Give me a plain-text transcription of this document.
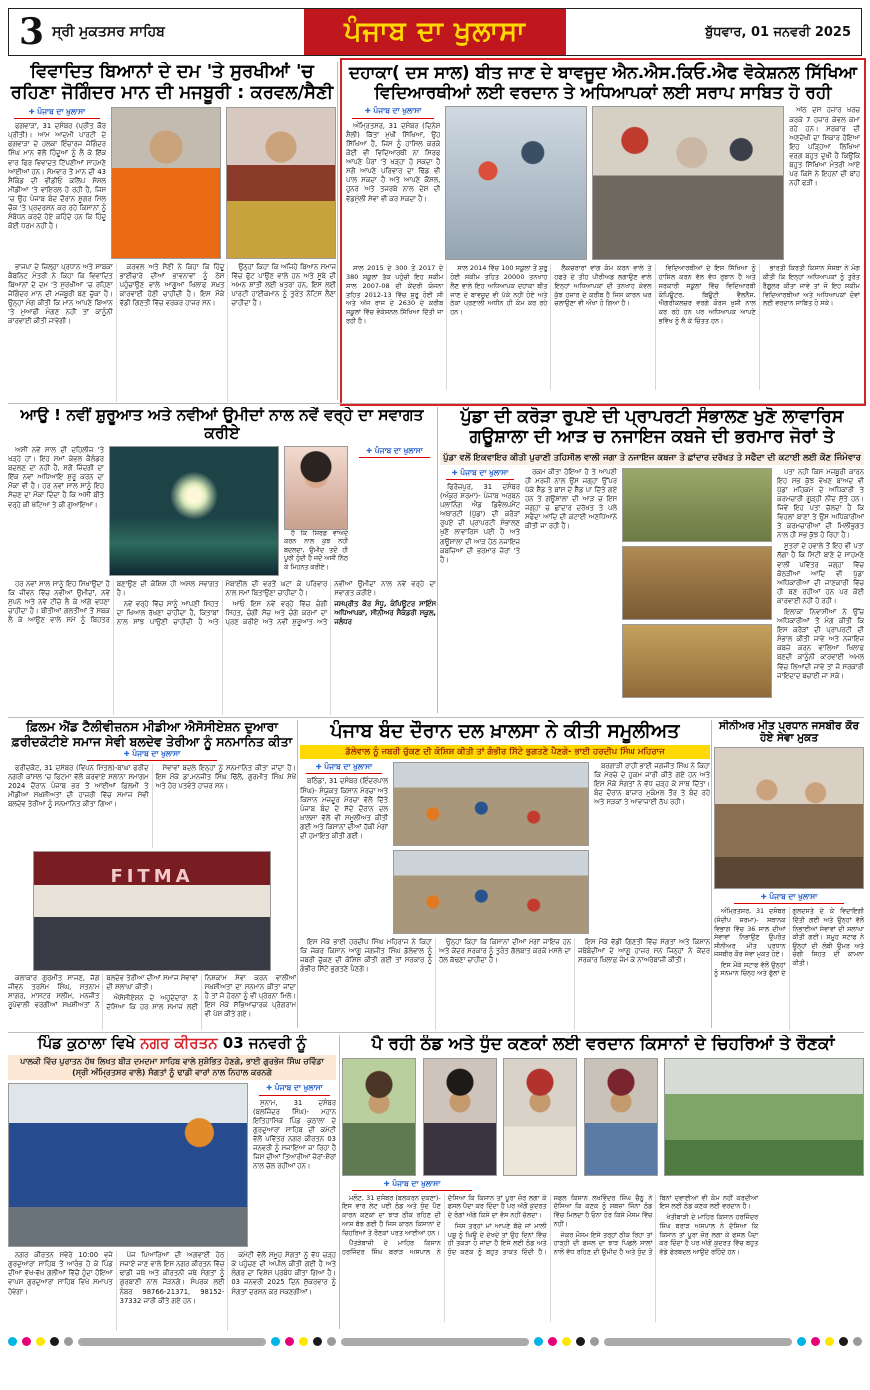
3 ਸ੍ਰੀ ਮੁਕਤਸਰ ਸਾਹਿਬ	ਪੰਜਾਬ ਦਾ ਖੁਲਾਸਾ	ਬੁੱਧਵਾਰ, 01 ਜਨਵਰੀ 2025
ਵਿਵਾਦਿਤ ਬਿਆਨਾਂ ਦੇ ਦਮ 'ਤੇ ਸੁਰਖੀਆਂ 'ਚ ਰਹਿਣਾ ਜੋਗਿੰਦਰ ਮਾਨ ਦੀ ਮਜਬੂਰੀ : ਕਰਵਲ/ਸੈਣੀ
✚ ਪੰਜਾਬ ਦਾ ਖੁਲਾਸਾ

ਫਗਵਾੜਾ, 31 ਦਸੰਬਰ (ਪ੍ਰੀਤ ਕੌਰ ਪ੍ਰੀਤੀ)। ਆਮ ਆਦਮੀ ਪਾਰਟੀ ਦੇ ਫਗਵਾੜਾ ਦੇ ਹਲਕਾ ਇੰਚਾਰਜ ਜੋਗਿੰਦਰ ਸਿੰਘ ਮਾਨ ਵੱਲੋਂ ਹਿੰਦੂਆਂ ਨੂੰ ਲੈ ਕੇ ਇੱਕ ਵਾਰ ਫਿਰ ਵਿਵਾਦਤ ਟਿੱਪਣੀਆਂ ਸਾਹਮਣੇ ਆਈਆਂ ਹਨ। ਸੋਮਵਾਰ ਤੋਂ ਮਾਨ ਦੀ 43 ਸੈਕਿੰਡ ਦੀ ਵੀਡੀਓ ਕਲਿੱਪ ਸੋਸ਼ਲ ਮੀਡੀਆ 'ਤੇ ਵਾਇਰਲ ਹੋ ਰਹੀ ਹੈ, ਜਿਸ 'ਚ ਉਹ ਪੰਜਾਬ ਬੰਦ ਦੌਰਾਨ ਸ਼ੂਗਰ ਮਿੱਲ ਚੌਕ 'ਤੇ ਪ੍ਰਦਰਸ਼ਨ ਕਰ ਰਹੇ ਕਿਸਾਨਾਂ ਨੂੰ ਸੰਬੋਧਨ ਕਰਦੇ ਹੋਏ ਕਹਿੰਦੇ ਹਨ ਕਿ ਹਿੰਦੂ ਕੋਈ ਧਰਮ ਨਹੀਂ ਹੈ।

ਭਾਜਪਾ ਦੇ ਜ਼ਿਲ੍ਹਾ ਪ੍ਰਧਾਨ ਅਤੇ ਸਾਬਕਾ ਕੈਬਨਿਟ ਮੰਤਰੀ ਨੇ ਕਿਹਾ ਕਿ ਵਿਵਾਦਿਤ ਬਿਆਨਾਂ ਦੇ ਦਮ 'ਤੇ ਸੁਰਖੀਆਂ 'ਚ ਰਹਿਣਾ ਜੋਗਿੰਦਰ ਮਾਨ ਦੀ ਮਜਬੂਰੀ ਬਣ ਚੁੱਕਾ ਹੈ। ਉਨ੍ਹਾਂ ਮੰਗ ਕੀਤੀ ਕਿ ਮਾਨ ਆਪਣੇ ਬਿਆਨ 'ਤੇ ਮੁਆਫੀ ਮੰਗਣ ਨਹੀਂ ਤਾਂ ਕਾਨੂੰਨੀ ਕਾਰਵਾਈ ਕੀਤੀ ਜਾਵੇਗੀ।

ਕਰਵਲ ਅਤੇ ਸੈਣੀ ਨੇ ਕਿਹਾ ਕਿ ਹਿੰਦੂ ਭਾਈਚਾਰੇ ਦੀਆਂ ਭਾਵਨਾਵਾਂ ਨੂੰ ਠੇਸ ਪਹੁੰਚਾਉਣ ਵਾਲੇ ਆਗੂਆਂ ਖਿਲਾਫ ਸਖ਼ਤ ਕਾਰਵਾਈ ਹੋਣੀ ਚਾਹੀਦੀ ਹੈ। ਇਸ ਮੌਕੇ ਵੱਡੀ ਗਿਣਤੀ ਵਿੱਚ ਵਰਕਰ ਹਾਜ਼ਰ ਸਨ।

ਉਨ੍ਹਾਂ ਕਿਹਾ ਕਿ ਅਜਿਹੇ ਬਿਆਨ ਸਮਾਜ ਵਿੱਚ ਫੁੱਟ ਪਾਉਣ ਵਾਲੇ ਹਨ ਅਤੇ ਸੂਬੇ ਦੀ ਅਮਨ ਸ਼ਾਂਤੀ ਲਈ ਖਤਰਾ ਹਨ, ਇਸ ਲਈ ਪਾਰਟੀ ਹਾਈਕਮਾਨ ਨੂੰ ਤੁਰੰਤ ਨੋਟਿਸ ਲੈਣਾ ਚਾਹੀਦਾ ਹੈ।

ਦਹਾਕਾ( ਦਸ ਸਾਲ) ਬੀਤ ਜਾਣ ਦੇ ਬਾਵਜੂਦ ਐਨ.ਐਸ.ਕਿਓ.ਐਫ ਵੋਕੇਸ਼ਨਲ ਸਿੱਖਿਆ ਵਿਦਿਆਰਥੀਆਂ ਲਈ ਵਰਦਾਨ ਤੇ ਅਧਿਆਪਕਾਂ ਲਈ ਸਰਾਪ ਸਾਬਿਤ ਹੋ ਰਹੀ
✚ ਪੰਜਾਬ ਦਾ ਖੁਲਾਸਾ

ਅੰਮ੍ਰਿਤਸਰ, 31 ਦਸੰਬਰ (ਦਿਨੇਸ਼ ਸ਼ੈਲੀ) ਕਿੱਤਾ ਮੁਖੀ ਸਿੱਖਿਆ, ਉਹ ਸਿੱਖਿਆ ਹੈ, ਜਿਸ ਨੂੰ ਹਾਸਿਲ ਕਰਕੇ ਕੋਈ ਵੀ ਵਿਦਿਆਰਥੀ ਨਾ ਸਿਰਫ ਆਪਣੇ ਪੈਰਾਂ 'ਤੇ ਖੜ੍ਹਾ ਹੋ ਸਕਦਾ ਹੈ ਸਗੋਂ ਆਪਣੇ ਪਰਿਵਾਰ ਦਾ ਢਿੱਡ ਵੀ ਪਾਲ ਸਕਦਾ ਹੈ ਅਤੇ ਆਪਣੇ ਕੌਸ਼ਲ, ਹੁਨਰ ਅਤੇ ਤਜਰਬੇ ਨਾਲ ਦੇਸ਼ ਦੀ ਵੱਡਮੁੱਲੀ ਸੇਵਾ ਵੀ ਕਰ ਸਕਦਾ ਹੈ।

ਅੱਠ ਦਸ ਹਜ਼ਾਰ ਖਰਚ ਕਰਕੇ 7 ਹਜ਼ਾਰ ਕੇਵਲ ਕਮਾ ਰਹੇ ਹਨ। ਸਰਕਾਰ ਦੀ ਅਣਦੇਖੀ ਦਾ ਸ਼ਿਕਾਰ ਹੋਇਆ ਇਹ ਪੜ੍ਹਿਆ ਲਿਖਿਆ ਵਰਗ ਬਹੁਤ ਦੁਖੀ ਹੈ ਕਿਉਂਕਿ ਬਹੁਤ ਸਿੱਖਿਆ ਮੰਤਰੀ ਆਏ ਪਰ ਕਿਸੇ ਨੇ ਇਹਨਾਂ ਦੀ ਬਾਂਹ ਨਹੀਂ ਫੜੀ।

ਸਾਲ 2015 ਦੇ 300 ਤੋਂ 2017 ਦੇ 380 ਸਕੂਲਾਂ ਤੱਕ ਪਹੁੰਚੀ ਇਹ ਸਕੀਮ ਸਾਲ 2007-08 ਦੀ ਕੇਂਦਰੀ ਯੋਜਨਾ ਤਹਿਤ 2012-13 ਵਿੱਚ ਸ਼ੁਰੂ ਹੋਈ ਸੀ ਅਤੇ ਅੱਜ ਰਾਜ ਦੇ 2630 ਦੇ ਕਰੀਬ ਸਕੂਲਾਂ ਵਿੱਚ ਵੋਕੇਸ਼ਨਲ ਸਿੱਖਿਆ ਦਿੱਤੀ ਜਾ ਰਹੀ ਹੈ।

ਸਾਲ 2014 ਵਿੱਚ 100 ਸਕੂਲਾਂ ਤੋਂ ਸ਼ੁਰੂ ਹੋਈ ਸਕੀਮ ਤਹਿਤ 20000 ਤਨਖਾਹ ਲੈਣ ਵਾਲੇ ਇਹ ਅਧਿਆਪਕ ਦਹਾਕਾ ਬੀਤ ਜਾਣ ਦੇ ਬਾਵਜੂਦ ਵੀ ਪੱਕੇ ਨਹੀਂ ਹੋਏ ਅਤੇ ਠੇਕਾ ਪ੍ਰਣਾਲੀ ਅਧੀਨ ਹੀ ਕੰਮ ਕਰ ਰਹੇ ਹਨ।

ਲੈਕਚਰਾਰਾਂ ਵਾਂਗ ਕੰਮ ਕਰਨ ਵਾਲੇ ਤੇ ਹਫਤੇ ਦੇ ਤੀਹ ਪੀਰੀਅਡ ਲਗਾਉਣ ਵਾਲੇ ਇਨ੍ਹਾਂ ਅਧਿਆਪਕਾਂ ਦੀ ਤਨਖਾਹ ਕੇਵਲ ਕੁੱਝ ਹਜ਼ਾਰ ਦੇ ਕਰੀਬ ਹੈ ਜਿਸ ਕਾਰਨ ਘਰ ਚਲਾਉਣਾ ਵੀ ਔਖਾ ਹੋ ਗਿਆ ਹੈ।

ਵਿਦਿਆਰਥੀਆਂ ਦੇ ਇਸ ਸਿੱਖਿਆ ਨੂੰ ਹਾਸਿਲ ਕਰਨ ਵੱਲ ਵੱਧ ਰੁਝਾਨ ਹੈ ਅਤੇ ਸਰਕਾਰੀ ਸਕੂਲਾਂ ਵਿੱਚ ਵਿਦਿਆਰਥੀ ਕੰਪਿਊਟਰ, ਬਿਊਟੀ ਵੈਲਨੈਸ, ਐਗਰੀਕਲਚਰ ਵਰਗੇ ਕੋਰਸ ਖੁਸ਼ੀ ਨਾਲ ਕਰ ਰਹੇ ਹਨ ਪਰ ਅਧਿਆਪਕ ਆਪਣੇ ਭਵਿੱਖ ਨੂੰ ਲੈ ਕੇ ਚਿੰਤਤ ਹਨ।

ਭਾਰਤੀ ਕਿਰਤੀ ਕਿਸਾਨ ਸੰਸਥਾ ਨੇ ਮੰਗ ਕੀਤੀ ਕਿ ਇਨ੍ਹਾਂ ਅਧਿਆਪਕਾਂ ਨੂੰ ਤੁਰੰਤ ਰੈਗੂਲਰ ਕੀਤਾ ਜਾਵੇ ਤਾਂ ਜੋ ਇਹ ਸਕੀਮ ਵਿਦਿਆਰਥੀਆਂ ਅਤੇ ਅਧਿਆਪਕਾਂ ਦੋਵਾਂ ਲਈ ਵਰਦਾਨ ਸਾਬਿਤ ਹੋ ਸਕੇ।

ਆਉ ! ਨਵੀਂ ਸ਼ੁਰੂਆਤ ਅਤੇ ਨਵੀਆਂ ਉਮੀਦਾਂ ਨਾਲ ਨਵੇਂ ਵਰ੍ਹੇ ਦਾ ਸਵਾਗਤ ਕਰੀਏ

ਅਸੀਂ ਨਵੇਂ ਸਾਲ ਦੀ ਦਹਿਲੀਜ਼ 'ਤੇ ਖੜ੍ਹੇ ਹਾਂ। ਇਹ ਸਮਾਂ ਕੇਵਲ ਕੈਲੰਡਰ ਬਦਲਣ ਦਾ ਨਹੀਂ ਹੈ, ਸਗੋਂ ਜ਼ਿੰਦਗੀ ਦਾ ਇੱਕ ਨਵਾਂ ਅਧਿਆਇ ਸ਼ੁਰੂ ਕਰਨ ਦਾ ਮੌਕਾ ਵੀ ਹੈ। ਹਰ ਨਵਾਂ ਸਾਲ ਸਾਨੂੰ ਇਹ ਸੋਚਣ ਦਾ ਮੌਕਾ ਦਿੰਦਾ ਹੈ ਕਿ ਅਸੀਂ ਬੀਤੇ ਵਰ੍ਹੇ ਕੀ ਖੱਟਿਆ ਤੇ ਕੀ ਗੁਆਇਆ।

ਹੈ ਕਿ ਸਿਰਫ਼ ਵਾਅਦੇ ਕਰਨ ਨਾਲ ਕੁਝ ਨਹੀਂ ਬਦਲਦਾ, ਉਮੀਦ ਤਦੋਂ ਹੀ ਪੂਰੀ ਹੁੰਦੀ ਹੈ ਜਦੋਂ ਅਸੀਂ ਨਿੱਠ ਕੇ ਮਿਹਨਤ ਕਰੀਏ।

✚ ਪੰਜਾਬ ਦਾ ਖੁਲਾਸਾ

ਹਰ ਨਵਾਂ ਸਾਲ ਸਾਨੂੰ ਇਹ ਸਿਖਾਉਂਦਾ ਹੈ ਕਿ ਜੀਵਨ ਵਿੱਚ ਨਵੀਆਂ ਉਮੀਦਾਂ, ਨਵੇਂ ਸੁਪਨੇ ਅਤੇ ਨਵੇਂ ਟੀਚੇ ਲੈ ਕੇ ਅੱਗੇ ਵਧਣਾ ਚਾਹੀਦਾ ਹੈ। ਬੀਤੀਆਂ ਗਲਤੀਆਂ ਤੋਂ ਸਬਕ ਲੈ ਕੇ ਆਉਣ ਵਾਲੇ ਸਮੇਂ ਨੂੰ ਬਿਹਤਰ ਬਣਾਉਣ ਦੀ ਕੋਸ਼ਿਸ਼ ਹੀ ਅਸਲ ਸਵਾਗਤ ਹੈ।

ਨਵੇਂ ਵਰ੍ਹੇ ਵਿੱਚ ਸਾਨੂੰ ਆਪਣੀ ਸਿਹਤ ਦਾ ਖਿਆਲ ਰੱਖਣਾ ਚਾਹੀਦਾ ਹੈ, ਕਿਤਾਬਾਂ ਨਾਲ ਸਾਂਝ ਪਾਉਣੀ ਚਾਹੀਦੀ ਹੈ ਅਤੇ ਮੋਬਾਈਲ ਦੀ ਵਰਤੋਂ ਘਟਾ ਕੇ ਪਰਿਵਾਰ ਨਾਲ ਸਮਾਂ ਬਿਤਾਉਣਾ ਚਾਹੀਦਾ ਹੈ।

ਆਓ ਇਸ ਨਵੇਂ ਵਰ੍ਹੇ ਵਿੱਚ ਚੰਗੀ ਸਿਹਤ, ਚੰਗੀ ਸੋਚ ਅਤੇ ਚੰਗੇ ਕਰਮਾਂ ਦਾ ਪ੍ਰਣ ਕਰੀਏ ਅਤੇ ਨਵੀਂ ਸ਼ੁਰੂਆਤ ਅਤੇ ਨਵੀਆਂ ਉਮੀਦਾਂ ਨਾਲ ਨਵੇਂ ਵਰ੍ਹੇ ਦਾ ਸਵਾਗਤ ਕਰੀਏ।

ਜਸਪ੍ਰੀਤ ਕੌਰ ਸੰਧੂ, ਕੰਪਿਊਟਰ ਸਾਇੰਸ ਅਧਿਆਪਕਾ, ਸੀਨੀਅਰ ਸੈਕੰਡਰੀ ਸਕੂਲ, ਜਲੰਧਰ

ਪੁੱਡਾ ਦੀ ਕਰੋੜਾ ਰੁਪਏ ਦੀ ਪ੍ਰਾਪਰਟੀ ਸੰਭਾਲਣ ਖੁਣੋ ਲਾਵਾਰਿਸ ਗਊਸ਼ਾਲਾ ਦੀ ਆੜ ਚ ਨਜਾਇਜ ਕਬਜੇ ਦੀ ਭਰਮਾਰ ਜੋਰਾਂ ਤੇ
ਪੁੱਡਾ ਵਲੋਂ ਇਕਵਾਇਰ ਕੀਤੀ ਪੁਰਾਣੀ ਤਹਿਸੀਲ ਵਾਲੀ ਜਗਾ ਤੇ ਨਜਾਇਜ ਕਬਜਾ ਤੇ ਛਾਂਦਾਰ ਦਰੱਖਤ ਤੇ ਸਫੈਦਾ ਦੀ ਕਟਾਈ ਲਈ ਕੌਣ ਜਿੰਮੇਵਾਰ
✚ ਪੰਜਾਬ ਦਾ ਖੁਲਾਸਾ

ਫਿਰੋਜ਼ਪੁਰ, 31 ਦਸੰਬਰ (ਅੰਕੁਰ ਸ਼ਰਮਾ)- ਪੰਜਾਬ ਅਰਬਨ ਪਲਾਨਿੰਗ ਐਂਡ ਡਿਵੈਲਪਮੈਂਟ ਅਥਾਰਟੀ (ਪੁੱਡਾ) ਦੀ ਕਰੋੜਾਂ ਰੁਪਏ ਦੀ ਪ੍ਰਾਪਰਟੀ ਸੰਭਾਲਣ ਖੁਣੋਂ ਲਾਵਾਰਿਸ ਪਈ ਹੈ ਅਤੇ ਗਊਸ਼ਾਲਾ ਦੀ ਆੜ ਹੇਠ ਨਜਾਇਜ਼ ਕਬਜ਼ਿਆਂ ਦੀ ਭਰਮਾਰ ਜ਼ੋਰਾਂ 'ਤੇ ਹੈ।

ਰਕਮ ਕੀਤਾ ਹੋਇਆ ਹੈ ਤੇ ਆਪਣੀ ਹੀ ਮਰਜ਼ੀ ਨਾਲ ਉਸ ਜਗ੍ਹਾ ਉੱਪਰ ਪੱਕੇ ਸ਼ੈੱਡ ਤੇ ਬਾਂਸ ਦੇ ਸ਼ੈੱਡ ਪਾ ਦਿੱਤੇ ਗਏ ਹਨ ਤੇ ਗਊਸ਼ਾਲਾ ਦੀ ਆੜ ਚ ਇਸ ਜਗ੍ਹਾ ਚ ਛਾਂਦਾਰ ਦਰੱਖਤ ਤੇ ਪਲੇ ਸਫੈਦਾ ਆਦਿ ਦੀ ਕਟਾਈ ਅਣਧਿਆਨੇ ਕੀਤੀ ਜਾ ਰਹੀ ਹੈ।

ਪਤਾ ਨਹੀਂ ਕਿਸ ਮਜ਼ਬੂਰੀ ਕਾਰਨ ਇਹ ਸਭ ਕੁੱਝ ਵੇਖਣ ਬਾਅਦ ਵੀ ਪੁੱਡਾ ਮਹਿਕਮੇ ਦੇ ਅਧਿਕਾਰੀ ਤੇ ਕਰਮਚਾਰੀ ਗੂੜ੍ਹੀ ਨੀਂਦ ਸੁੱਤੇ ਹਨ। ਜਿਵੇਂ ਇਹ ਪਤਾ ਚੱਲਦਾ ਹੈ ਕਿ ਵਿਹਲਾਂ ਬਾਣਾਂ ਤੇ ਉਸ ਅਧਿਕਾਰੀਆਂ ਤੇ ਕਰਮਚਾਰੀਆਂ ਦੀ ਮਿਲੀਭੁਗਤ ਨਾਲ ਹੀ ਸਭ ਕੁੱਝ ਹੋ ਰਿਹਾ ਹੈ।

ਸੂਤਰਾਂ ਦੇ ਹਵਾਲੇ ਤੋਂ ਇਹ ਵੀ ਪਤਾ ਲੱਗਾ ਹੈ ਕਿ ਸਿਟੀ ਬਾਣੇ ਦੇ ਸਾਹਮਣੇ ਵਾਲੀ ਪਵਿੱਤਰ ਜਗ੍ਹਾ ਵਿੱਚ ਕੋਠੜੀਆਂ ਆਦਿ ਵੀ ਪੁੱਡਾ ਅਧਿਕਾਰੀਆਂ ਦੀ ਜਾਣਕਾਰੀ ਵਿੱਚ ਹੀ ਬਣ ਰਹੀਆਂ ਹਨ ਪਰ ਕੋਈ ਕਾਰਵਾਈ ਨਹੀਂ ਹੋ ਰਹੀ।

ਇਲਾਕਾ ਨਿਵਾਸੀਆਂ ਨੇ ਉੱਚ ਅਧਿਕਾਰੀਆਂ ਤੋਂ ਮੰਗ ਕੀਤੀ ਕਿ ਇਸ ਕਰੋੜਾਂ ਦੀ ਪ੍ਰਾਪਰਟੀ ਦੀ ਸੰਭਾਲ ਕੀਤੀ ਜਾਵੇ ਅਤੇ ਨਜਾਇਜ਼ ਕਬਜ਼ੇ ਕਰਨ ਵਾਲਿਆਂ ਖਿਲਾਫ ਬਣਦੀ ਕਾਨੂੰਨੀ ਕਾਰਵਾਈ ਅਮਲ ਵਿੱਚ ਲਿਆਂਦੀ ਜਾਵੇ ਤਾਂ ਜੋ ਸਰਕਾਰੀ ਜਾਇਦਾਦ ਬਚਾਈ ਜਾ ਸਕੇ।

ਫ਼ਿਲਮ ਐਂਡ ਟੈਲੀਵੀਜ਼ਨਸ ਮੀਡੀਆ ਐਸੋਸੀਏਸ਼ਨ ਦੁਆਰਾ ਫ਼ਰੀਦਕੋਟੀਏ ਸਮਾਜ ਸੇਵੀ ਬਲਦੇਵ ਤੇਰੀਆ ਨੂੰ ਸਨਮਾਨਿਤ ਕੀਤਾ
✚ ਪੰਜਾਬ ਦਾ ਖੁਲਾਸਾ

ਫਰੀਦਕੋਟ, 31 ਦਸੰਬਰ (ਵਿਪਨ ਮਿੱਤਲ)-ਬਾਘਾ ਫਰੀਦ ਨਗਰੀ ਕਾਂਸਲ 'ਚ ਫਿਟਮਾ ਵੱਲੋਂ ਕਰਵਾਏ ਸਲਾਨਾ ਸਮਾਗਮ 2024 ਦੌਰਾਨ ਪੰਜਾਬ ਭਰ ਤੋਂ ਆਈਆਂ ਫ਼ਿਲਮੀ ਤੇ ਮੀਡੀਆ ਸਖ਼ਸ਼ੀਅਤਾਂ ਦੀ ਹਾਜ਼ਰੀ ਵਿੱਚ ਸਮਾਜ ਸੇਵੀ ਬਲਦੇਵ ਤੇਰੀਆ ਨੂੰ ਸਨਮਾਨਿਤ ਕੀਤਾ ਗਿਆ।

ਸੇਵਾਵਾਂ ਬਦਲੇ ਇਨ੍ਹਾਂ ਨੂੰ ਸਨਮਾਨਿਤ ਕੀਤਾ ਜਾਂਦਾ ਹੈ। ਇਸ ਮੌਕੇ ਡਾ.ਮਨਜੀਤ ਸਿੰਘ ਢਿੱਲੋਂ, ਗੁਰਮੀਤ ਸਿੰਘ ਸੇਖੋਂ ਅਤੇ ਹੋਰ ਪਤਵੰਤੇ ਹਾਜ਼ਰ ਸਨ।

FITMA

ਕਲਾਕਾਰ ਗੁਰਮੀਤ ਸਾਜਣ, ਜੱਗ ਜੀਵਨ ਤਰਸੇਮ ਸਿੰਘ, ਸਤਨਾਮ ਸਾਗਰ, ਮਾਸਟਰ ਸਲੀਮ, ਮਨਜੀਤ ਰੂਪੋਵਾਲੀ ਵਰਗੀਆਂ ਸਖ਼ਸ਼ੀਅਤਾਂ ਨੇ ਬਲਦੇਵ ਤੇਰੀਆ ਦੀਆਂ ਸਮਾਜ ਸੇਵਾਵਾਂ ਦੀ ਸ਼ਲਾਘਾ ਕੀਤੀ।

ਐਸੋਸੀਏਸ਼ਨ ਦੇ ਅਹੁਦੇਦਾਰਾਂ ਨੇ ਦੱਸਿਆ ਕਿ ਹਰ ਸਾਲ ਸਮਾਜ ਲਈ ਨਿਸ਼ਕਾਮ ਸੇਵਾ ਕਰਨ ਵਾਲੀਆਂ ਸਖ਼ਸ਼ੀਅਤਾਂ ਦਾ ਸਨਮਾਨ ਕੀਤਾ ਜਾਂਦਾ ਹੈ ਤਾਂ ਜੋ ਹੋਰਨਾਂ ਨੂੰ ਵੀ ਪ੍ਰੇਰਨਾ ਮਿਲੇ। ਇਸ ਮੌਕੇ ਸੱਭਿਆਚਾਰਕ ਪ੍ਰੋਗਰਾਮ ਵੀ ਪੇਸ਼ ਕੀਤੇ ਗਏ।

ਪੰਜਾਬ ਬੰਦ ਦੌਰਾਨ ਦਲ ਖ਼ਾਲਸਾ ਨੇ ਕੀਤੀ ਸਮੂਲੀਅਤ
ਡੱਲੇਵਾਲ ਨੂੰ ਜਬਰੀ ਚੁੱਕਣ ਦੀ ਕੋਸ਼ਿਸ਼ ਕੀਤੀ ਤਾਂ ਗੰਭੀਰ ਸਿੱਟੇ ਭੁਗਤਣੇ ਪੈਣਗੇ- ਭਾਈ ਹਰਦੀਪ ਸਿੰਘ ਮਹਿਰਾਜ
✚ ਪੰਜਾਬ ਦਾ ਖੁਲਾਸਾ

ਬਠਿੰਡਾ, 31 ਦਸੰਬਰ (ਇੰਦਰਪਾਲ ਸਿੰਘ)- ਸੰਯੁਕਤ ਕਿਸਾਨ ਮੋਰਚਾ ਅਤੇ ਕਿਸਾਨ ਮਜ਼ਦੂਰ ਮੋਰਚਾ ਵੱਲੋਂ ਦਿੱਤੇ ਪੰਜਾਬ ਬੰਦ ਦੇ ਸੱਦੇ ਦੌਰਾਨ ਦਲ ਖ਼ਾਲਸਾ ਵੱਲੋਂ ਵੀ ਸਮੂਲੀਅਤ ਕੀਤੀ ਗਈ ਅਤੇ ਕਿਸਾਨਾਂ ਦੀਆਂ ਹੱਕੀ ਮੰਗਾਂ ਦੀ ਹਮਾਇਤ ਕੀਤੀ ਗਈ।

ਬਰਗਾੜੀ ਰਾਹੀਂ ਭਾਈ ਜਗਜੀਤ ਸਿੰਘ ਨੇ ਕਿਹਾ ਕਿ ਮੋਰਚੇ ਦੇ ਹੁਕਮ ਜਾਰੀ ਕੀਤੇ ਗਏ ਹਨ ਅਤੇ ਇਸ ਮੌਕੇ ਸੰਗਤਾਂ ਨੇ ਵੱਧ ਚੜ੍ਹ ਕੇ ਸਾਥ ਦਿੱਤਾ। ਬੰਦ ਦੌਰਾਨ ਬਾਜ਼ਾਰ ਮੁਕੰਮਲ ਤੌਰ ਤੇ ਬੰਦ ਰਹੇ ਅਤੇ ਸੜਕਾਂ ਤੇ ਆਵਾਜਾਈ ਠੱਪ ਰਹੀ।

ਇਸ ਮੌਕੇ ਭਾਈ ਹਰਦੀਪ ਸਿੰਘ ਮਹਿਰਾਜ ਨੇ ਕਿਹਾ ਕਿ ਜੇਕਰ ਕਿਸਾਨ ਆਗੂ ਜਗਜੀਤ ਸਿੰਘ ਡੱਲੇਵਾਲ ਨੂੰ ਜਬਰੀ ਚੁੱਕਣ ਦੀ ਕੋਸ਼ਿਸ਼ ਕੀਤੀ ਗਈ ਤਾਂ ਸਰਕਾਰ ਨੂੰ ਗੰਭੀਰ ਸਿੱਟੇ ਭੁਗਤਣੇ ਪੈਣਗੇ।

ਉਨ੍ਹਾਂ ਕਿਹਾ ਕਿ ਕਿਸਾਨਾਂ ਦੀਆਂ ਮੰਗਾਂ ਜਾਇਜ਼ ਹਨ ਅਤੇ ਕੇਂਦਰ ਸਰਕਾਰ ਨੂੰ ਤੁਰੰਤ ਗੱਲਬਾਤ ਕਰਕੇ ਮਸਲੇ ਦਾ ਹੱਲ ਕੱਢਣਾ ਚਾਹੀਦਾ ਹੈ।

ਇਸ ਮੌਕੇ ਵੱਡੀ ਗਿਣਤੀ ਵਿੱਚ ਸੰਗਤਾਂ ਅਤੇ ਕਿਸਾਨ ਜਥੇਬੰਦੀਆਂ ਦੇ ਆਗੂ ਹਾਜ਼ਰ ਸਨ ਜਿਨ੍ਹਾਂ ਨੇ ਕੇਂਦਰ ਸਰਕਾਰ ਖ਼ਿਲਾਫ਼ ਜੰਮ ਕੇ ਨਾਅਰੇਬਾਜ਼ੀ ਕੀਤੀ।

ਸੀਨੀਅਰ ਮੀਤ ਪ੍ਰਧਾਨ ਜਸਬੀਰ ਕੌਰ ਹੋਏ ਸੇਵਾ ਮੁਕਤ
✚ ਪੰਜਾਬ ਦਾ ਖੁਲਾਸਾ

ਅੰਮ੍ਰਿਤਸਰ, 31 ਦਸੰਬਰ (ਸੰਦੀਪ ਸ਼ਰਮਾ)- ਸਥਾਨਕ ਵਿਭਾਗ ਵਿੱਚ 36 ਸਾਲ ਦੀਆਂ ਸੇਵਾਵਾਂ ਨਿਭਾਉਣ ਉਪਰੰਤ ਸੀਨੀਅਰ ਮੀਤ ਪ੍ਰਧਾਨ ਜਸਬੀਰ ਕੌਰ ਸੇਵਾ ਮੁਕਤ ਹੋਏ।

ਇਸ ਮੌਕੇ ਸਟਾਫ ਵੱਲੋਂ ਉਨ੍ਹਾਂ ਨੂੰ ਸਨਮਾਨ ਚਿੰਨ੍ਹ ਅਤੇ ਫੁੱਲਾਂ ਦੇ ਗੁਲਦਸਤੇ ਦੇ ਕੇ ਵਿਦਾਇਗੀ ਦਿੱਤੀ ਗਈ ਅਤੇ ਉਨ੍ਹਾਂ ਵੱਲੋਂ ਨਿਭਾਈਆਂ ਸੇਵਾਵਾਂ ਦੀ ਸ਼ਲਾਘਾ ਕੀਤੀ ਗਈ। ਸਮੂਹ ਸਟਾਫ ਨੇ ਉਨ੍ਹਾਂ ਦੀ ਲੰਬੀ ਉਮਰ ਅਤੇ ਚੰਗੀ ਸਿਹਤ ਦੀ ਕਾਮਨਾ ਕੀਤੀ।

ਪਿੰਡ ਕੁਠਾਲਾ ਵਿਖੇ ਨਗਰ ਕੀਰਤਨ 03 ਜਨਵਰੀ ਨੂੰ
ਪਾਲਕੀ ਵਿੱਚ ਪੁਰਾਤਨ ਹੱਥ ਲਿਖਤ ਬੀੜ ਦਮਦਮਾ ਸਾਹਿਬ ਵਾਲੇ ਸੁਸ਼ੋਭਿਤ ਹੋਣਗੇ, ਭਾਈ ਗੁਰਭੇਜ ਸਿੰਘ ਚਵਿੰਡਾ (ਸ੍ਰੀ ਅੰਮ੍ਰਿਤਸਰ ਵਾਲੇ) ਸੰਗਤਾਂ ਨੂੰ ਢਾਡੀ ਵਾਰਾਂ ਨਾਲ ਨਿਹਾਲ ਕਰਨਗੇ
✚ ਪੰਜਾਬ ਦਾ ਖੁਲਾਸਾ

ਸੁਨਾਮ, 31 ਦਸੰਬਰ (ਬਲਜਿੰਦਰ ਸਿੰਘ)- ਮਹਾਨ ਇਤਿਹਾਸਿਕ ਪਿੰਡ ਕੁਠਾਲਾ ਦੇ ਗੁਰਦੁਆਰਾ ਸਾਹਿਬ ਦੀ ਕਮੇਟੀ ਵੱਲੋਂ ਪਵਿੱਤਰ ਨਗਰ ਕੀਰਤਨ 03 ਜਨਵਰੀ ਨੂੰ ਸਜਾਇਆ ਜਾ ਰਿਹਾ ਹੈ ਜਿਸ ਦੀਆਂ ਤਿਆਰੀਆਂ ਜ਼ੋਰਾਂ-ਸ਼ੋਰਾਂ ਨਾਲ ਚੱਲ ਰਹੀਆਂ ਹਨ।

ਨਗਰ ਕੀਰਤਨ ਸਵੇਰੇ 10:00 ਵਜੇ ਗੁਰਦੁਆਰਾ ਸਾਹਿਬ ਤੋਂ ਆਰੰਭ ਹੋ ਕੇ ਪਿੰਡ ਦੀਆਂ ਵੱਖ-ਵੱਖ ਗਲੀਆਂ ਵਿੱਚੋਂ ਹੁੰਦਾ ਹੋਇਆ ਵਾਪਸ ਗੁਰਦੁਆਰਾ ਸਾਹਿਬ ਵਿਖੇ ਸਮਾਪਤ ਹੋਵੇਗਾ।

ਪੰਜ ਪਿਆਰਿਆਂ ਦੀ ਅਗਵਾਈ ਹੇਠ ਸਜਾਏ ਜਾਣ ਵਾਲੇ ਇਸ ਨਗਰ ਕੀਰਤਨ ਵਿੱਚ ਢਾਡੀ ਜਥੇ ਅਤੇ ਕੀਰਤਨੀ ਜਥੇ ਸੰਗਤਾਂ ਨੂੰ ਗੁਰਬਾਣੀ ਨਾਲ ਜੋੜਨਗੇ। ਸੰਪਰਕ ਲਈ ਨੰਬਰ 98766-21371, 98152-37332 ਜਾਰੀ ਕੀਤੇ ਗਏ ਹਨ।

ਕਮੇਟੀ ਵੱਲੋਂ ਸਮੂਹ ਸੰਗਤਾਂ ਨੂੰ ਵੱਧ ਚੜ੍ਹ ਕੇ ਪਹੁੰਚਣ ਦੀ ਅਪੀਲ ਕੀਤੀ ਗਈ ਹੈ ਅਤੇ ਲੰਗਰ ਦਾ ਵਿਸ਼ੇਸ਼ ਪ੍ਰਬੰਧ ਕੀਤਾ ਗਿਆ ਹੈ। 03 ਜਨਵਰੀ 2025 ਦਿਨ ਸ਼ੁੱਕਰਵਾਰ ਨੂੰ ਸੰਗਤਾਂ ਦਰਸ਼ਨ ਕਰ ਸਕਣਗੀਆਂ।

ਪੈ ਰਹੀ ਠੰਡ ਅਤੇ ਧੁੰਦ ਕਣਕਾਂ ਲਈ ਵਰਦਾਨ ਕਿਸਾਨਾਂ ਦੇ ਚਿਹਰਿਆਂ ਤੇ ਰੌਣਕਾਂ
✚ ਪੰਜਾਬ ਦਾ ਖੁਲਾਸਾ

ਮਲੋਟ, 31 ਦਸੰਬਰ (ਬਲਕਰਨ ਦਕਣਾ)- ਇਸ ਵਾਰ ਲੇਟ ਪਈ ਠੰਡ ਅਤੇ ਧੁੰਦ ਪੈਣ ਕਾਰਨ ਕਣਕਾਂ ਦਾ ਝਾੜ ਠੀਕ ਰਹਿਣ ਦੀ ਆਸ ਬੱਝ ਗਈ ਹੈ ਜਿਸ ਕਾਰਨ ਕਿਸਾਨਾਂ ਦੇ ਚਿਹਰਿਆਂ ਤੇ ਰੌਣਕਾਂ ਪਰਤ ਆਈਆਂ ਹਨ।

ਪੈਂਤੜੇਬਾਜ਼ੀ ਦੇ ਮਾਹਿਰ ਕਿਸਾਨ ਹਰਜਿੰਦਰ ਸਿੰਘ ਬਰਾੜ ਅਸਪਾਲ ਨੇ ਦੱਸਿਆ ਕਿ ਕਿਸਾਨ ਤਾਂ ਪੂਰਾ ਜ਼ੋਰ ਲਗਾ ਕੇ ਫਸਲ ਪੈਦਾ ਕਰ ਦਿੰਦਾ ਹੈ ਪਰ ਅੱਗੋਂ ਕੁਦਰਤ ਦੇ ਰੰਗਾਂ ਅੱਗੇ ਕਿਸੇ ਦਾ ਵੱਸ ਨਹੀਂ ਚੱਲਦਾ।

ਜਿਸ ਤਰ੍ਹਾਂ ਮਾਂ ਆਪਣੇ ਬੱਚੇ ਜਾਂ ਮਾਲੀ ਪਸ਼ੂ ਨੂੰ ਘਿਉ ਦੇ ਦੇਖਦੇ ਤਾਂ ਉਹ ਦਿਨਾਂ ਵਿੱਚ ਹੀ ਤਕੜਾ ਹੋ ਜਾਂਦਾ ਹੈ ਇਸੇ ਲਈ ਠੰਡ ਅਤੇ ਧੁੰਦ ਕਣਕ ਨੂੰ ਬਹੁਤ ਤਾਕਤ ਦਿੰਦੀ ਹੈ। ਸਫਲ ਕਿਸਾਨ ਲਖਵਿੰਦਰ ਸਿੰਘ ਚੈਨੂ ਨੇ ਦੱਸਿਆ ਕਿ ਕਣਕ ਨੂੰ ਸਬਜ਼ਾ ਜਿੰਨਾ ਠੰਡ ਵਿੱਚ ਮਿਲਦਾ ਹੈ ਓਨਾ ਹੋਰ ਕਿਸੇ ਮੌਸਮ ਵਿੱਚ ਨਹੀਂ।

ਜੇਕਰ ਮੌਸਮ ਇਸੇ ਤਰ੍ਹਾਂ ਠੀਕ ਰਿਹਾ ਤਾਂ ਹਾੜ੍ਹੀ ਦੀ ਫਸਲ ਦਾ ਝਾੜ ਪਿਛਲੇ ਸਾਲਾਂ ਨਾਲੋਂ ਵੱਧ ਰਹਿਣ ਦੀ ਉਮੀਦ ਹੈ ਅਤੇ ਧੁੰਦ ਤੋਂ ਬਿਨਾਂ ਦਵਾਈਆਂ ਵੀ ਕੰਮ ਨਹੀਂ ਕਰਦੀਆਂ ਇਸ ਲਈ ਠੰਡ ਕਣਕ ਲਈ ਵਰਦਾਨ ਹੈ।

ਖੇਤੀਬਾੜੀ ਦੇ ਮਾਹਿਰ ਕਿਸਾਨ ਹਰਜਿੰਦਰ ਸਿੰਘ ਬਰਾੜ ਅਸਪਾਲ ਨੇ ਦੱਸਿਆ ਕਿ ਕਿਸਾਨ ਤਾਂ ਪੂਰਾ ਜ਼ੋਰ ਲਗਾ ਕੇ ਫਸਲ ਪੈਦਾ ਕਰ ਦਿੰਦਾ ਹੈ ਪਰ ਅੱਗੋਂ ਕੁਦਰਤ ਵਿੱਚ ਬਹੁਤ ਵੱਡੇ ਫੇਰਬਦਲ ਆਉਂਦੇ ਰਹਿੰਦੇ ਹਨ।
